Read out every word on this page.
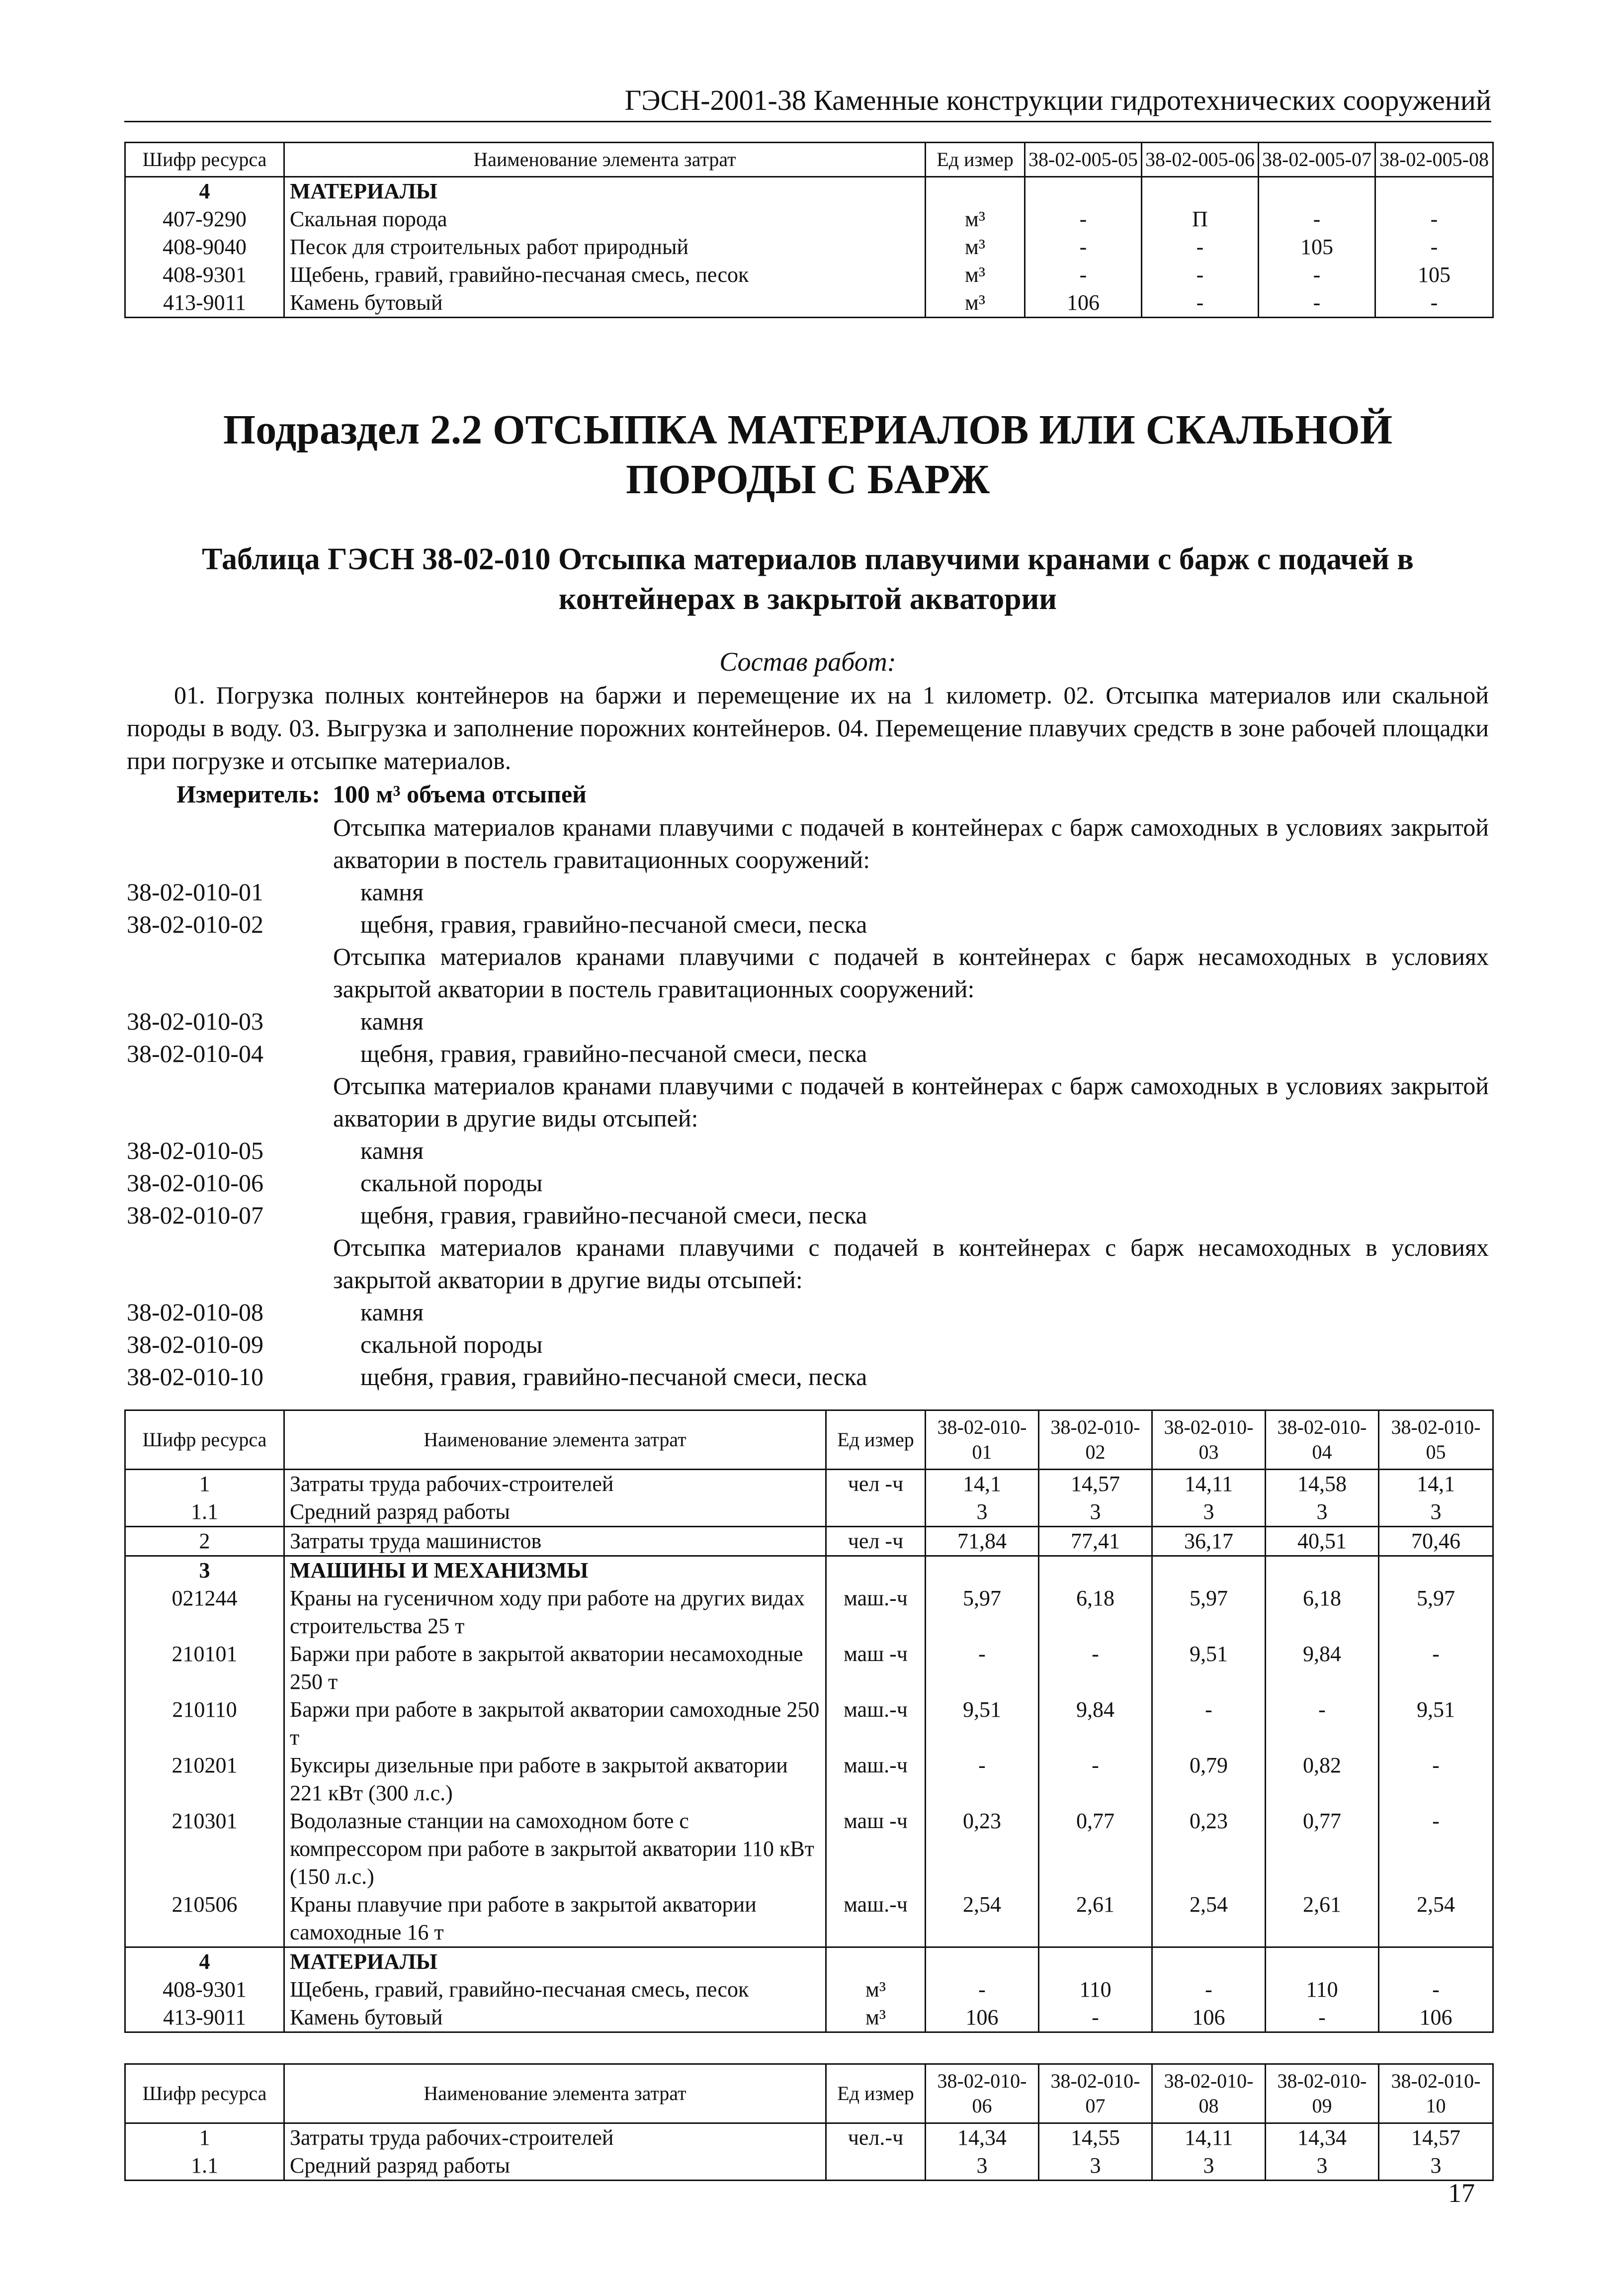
ГЭСН-2001-38 Каменные конструкции гидротехнических сооружений
Шифр ресурса	Наименование элемента затрат	Ед измер	38-02-005-05	38-02-005-06	38-02-005-07	38-02-005-08
4	МАТЕРИАЛЫ					
407-9290	Скальная порода	м³	-	П	-	-
408-9040	Песок для строительных работ природный	м³	-	-	105	-
408-9301	Щебень, гравий, гравийно-песчаная смесь, песок	м³	-	-	-	105
413-9011	Камень бутовый	м³	106	-	-	-
Подраздел 2.2 ОТСЫПКА МАТЕРИАЛОВ ИЛИ СКАЛЬНОЙ ПОРОДЫ С БАРЖ
Таблица ГЭСН 38-02-010 Отсыпка материалов плавучими кранами с барж с подачей в контейнерах в закрытой акватории
Состав работ:
01. Погрузка полных контейнеров на баржи и перемещение их на 1 километр. 02. Отсыпка материалов или скальной породы в воду. 03. Выгрузка и заполнение порожних контейнеров. 04. Перемещение плавучих средств в зоне рабочей площадки при погрузке и отсыпке материалов.
Измеритель: 100 м³ объема отсыпей
Отсыпка материалов кранами плавучими с подачей в контейнерах с барж самоходных в условиях закрытой акватории в постель гравитационных сооружений:
38-02-010-01	камня
38-02-010-02	щебня, гравия, гравийно-песчаной смеси, песка
Отсыпка материалов кранами плавучими с подачей в контейнерах с барж несамоходных в условиях закрытой акватории в постель гравитационных сооружений:
38-02-010-03	камня
38-02-010-04	щебня, гравия, гравийно-песчаной смеси, песка
Отсыпка материалов кранами плавучими с подачей в контейнерах с барж самоходных в условиях закрытой акватории в другие виды отсыпей:
38-02-010-05	камня
38-02-010-06	скальной породы
38-02-010-07	щебня, гравия, гравийно-песчаной смеси, песка
Отсыпка материалов кранами плавучими с подачей в контейнерах с барж несамоходных в условиях закрытой акватории в другие виды отсыпей:
38-02-010-08	камня
38-02-010-09	скальной породы
38-02-010-10	щебня, гравия, гравийно-песчаной смеси, песка
Шифр ресурса	Наименование элемента затрат	Ед измер	38-02-010-01	38-02-010-02	38-02-010-03	38-02-010-04	38-02-010-05
1	Затраты труда рабочих-строителей	чел -ч	14,1	14,57	14,11	14,58	14,1
1.1	Средний разряд работы		3	3	3	3	3
2	Затраты труда машинистов	чел -ч	71,84	77,41	36,17	40,51	70,46
3	МАШИНЫ И МЕХАНИЗМЫ						
021244	Краны на гусеничном ходу при работе на других видах строительства 25 т	маш.-ч	5,97	6,18	5,97	6,18	5,97
210101	Баржи при работе в закрытой акватории несамоходные 250 т	маш -ч	-	-	9,51	9,84	-
210110	Баржи при работе в закрытой акватории самоходные 250 т	маш.-ч	9,51	9,84	-	-	9,51
210201	Буксиры дизельные при работе в закрытой акватории 221 кВт (300 л.с.)	маш.-ч	-	-	0,79	0,82	-
210301	Водолазные станции на самоходном боте с компрессором при работе в закрытой акватории 110 кВт (150 л.с.)	маш -ч	0,23	0,77	0,23	0,77	-
210506	Краны плавучие при работе в закрытой акватории самоходные 16 т	маш.-ч	2,54	2,61	2,54	2,61	2,54
4	МАТЕРИАЛЫ						
408-9301	Щебень, гравий, гравийно-песчаная смесь, песок	м³	-	110	-	110	-
413-9011	Камень бутовый	м³	106	-	106	-	106
Шифр ресурса	Наименование элемента затрат	Ед измер	38-02-010-06	38-02-010-07	38-02-010-08	38-02-010-09	38-02-010-10
1	Затраты труда рабочих-строителей	чел.-ч	14,34	14,55	14,11	14,34	14,57
1.1	Средний разряд работы		3	3	3	3	3
17
